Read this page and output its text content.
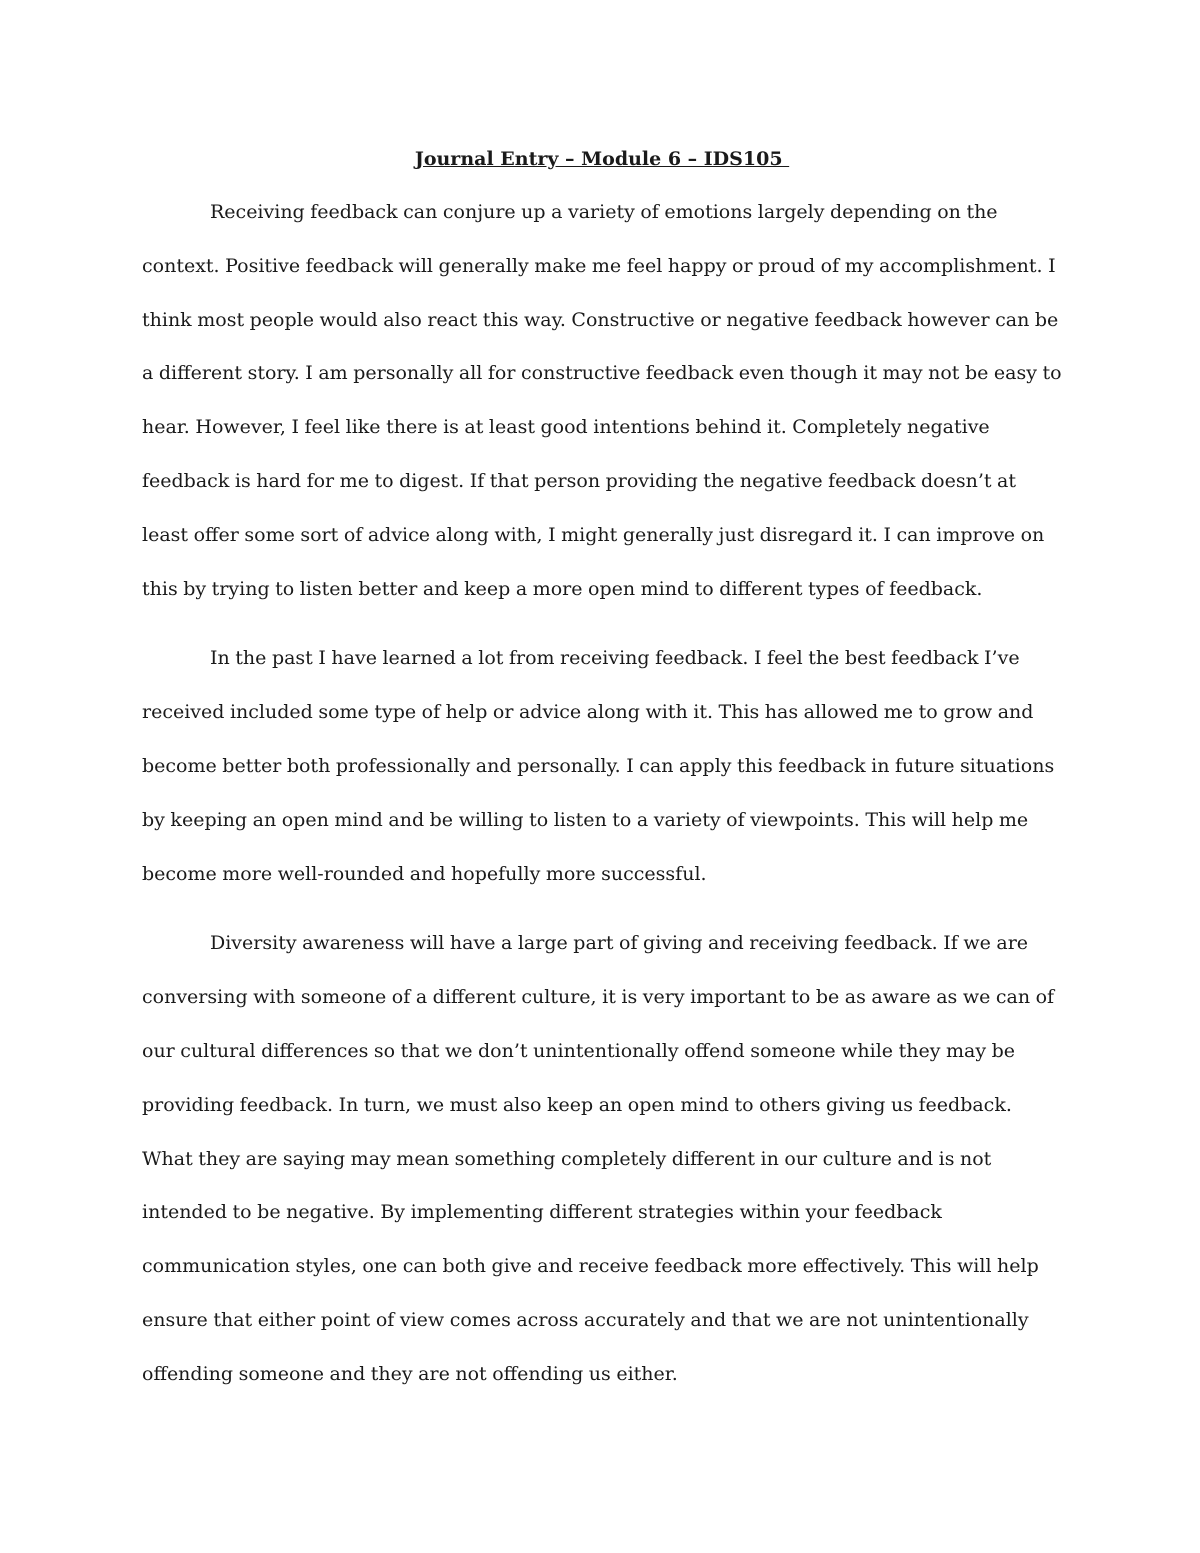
Journal Entry – Module 6 – IDS105

Receiving feedback can conjure up a variety of emotions largely depending on the context. Positive feedback will generally make me feel happy or proud of my accomplishment. I think most people would also react this way. Constructive or negative feedback however can be a different story. I am personally all for constructive feedback even though it may not be easy to hear. However, I feel like there is at least good intentions behind it. Completely negative feedback is hard for me to digest. If that person providing the negative feedback doesn’t at least offer some sort of advice along with, I might generally just disregard it. I can improve on this by trying to listen better and keep a more open mind to different types of feedback.

In the past I have learned a lot from receiving feedback. I feel the best feedback I’ve received included some type of help or advice along with it. This has allowed me to grow and become better both professionally and personally. I can apply this feedback in future situations by keeping an open mind and be willing to listen to a variety of viewpoints. This will help me become more well-rounded and hopefully more successful.

Diversity awareness will have a large part of giving and receiving feedback. If we are conversing with someone of a different culture, it is very important to be as aware as we can of our cultural differences so that we don’t unintentionally offend someone while they may be providing feedback. In turn, we must also keep an open mind to others giving us feedback. What they are saying may mean something completely different in our culture and is not intended to be negative. By implementing different strategies within your feedback communication styles, one can both give and receive feedback more effectively. This will help ensure that either point of view comes across accurately and that we are not unintentionally offending someone and they are not offending us either.
